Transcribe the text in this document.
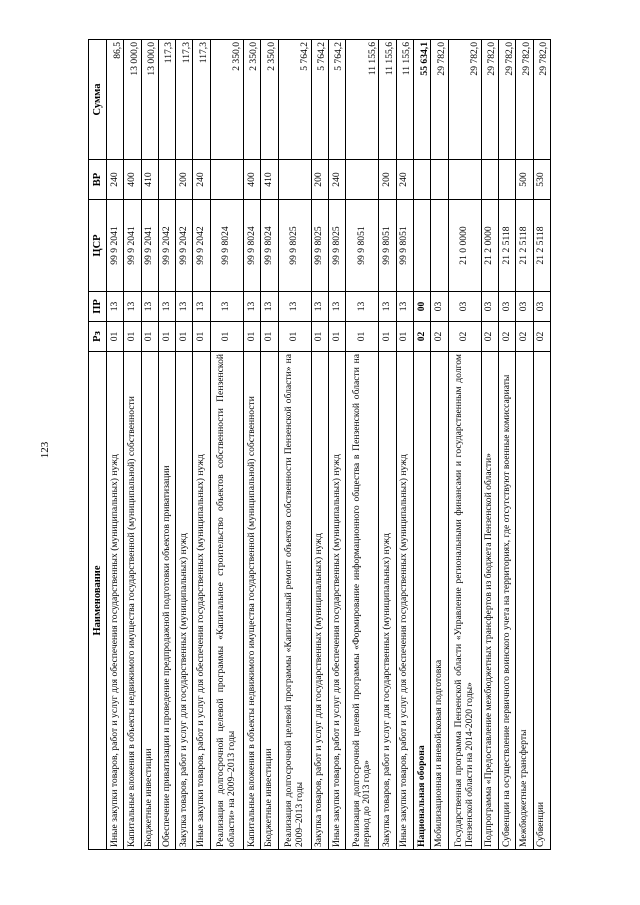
123
Наименование	Рз	ПР	ЦСР	ВР	Сумма
Иные закупки товаров, работ и услуг для обеспечения государственных (муниципальных) нужд	01	13	99 9 2041	240	86,5
Капитальные вложения в объекты недвижимого имущества государственной (муниципальной) собственности	01	13	99 9 2041	400	13 000,0
Бюджетные инвестиции	01	13	99 9 2041	410	13 000,0
Обеспечение приватизации и проведение предпродажной подготовки объектов приватизации	01	13	99 9 2042		117,3
Закупка товаров, работ и услуг для государственных (муниципальных) нужд	01	13	99 9 2042	200	117,3
Иные закупки товаров, работ и услуг для обеспечения государственных (муниципальных) нужд	01	13	99 9 2042	240	117,3
Реализация долгосрочной целевой программы «Капитальное строительство объектов собственности Пензенской области» на 2009–2013 годы	01	13	99 9 8024		2 350,0
Капитальные вложения в объекты недвижимого имущества государственной (муниципальной) собственности	01	13	99 9 8024	400	2 350,0
Бюджетные инвестиции	01	13	99 9 8024	410	2 350,0
Реализация долгосрочной целевой программы «Капитальный ремонт объектов собственности Пензенской области» на 2009–2013 годы	01	13	99 9 8025		5 764,2
Закупка товаров, работ и услуг для государственных (муниципальных) нужд	01	13	99 9 8025	200	5 764,2
Иные закупки товаров, работ и услуг для обеспечения государственных (муниципальных) нужд	01	13	99 9 8025	240	5 764,2
Реализация долгосрочной целевой программы «Формирование информационного общества в Пензенской области на период до 2013 года»	01	13	99 9 8051		11 155,6
Закупка товаров, работ и услуг для государственных (муниципальных) нужд	01	13	99 9 8051	200	11 155,6
Иные закупки товаров, работ и услуг для обеспечения государственных (муниципальных) нужд	01	13	99 9 8051	240	11 155,6
Национальная оборона	02	00			55 634,1
Мобилизационная и вневойсковая подготовка	02	03			29 782,0
Государственная программа Пензенской области «Управление региональными финансами и государственным долгом Пензенской области на 2014-2020 годы»	02	03	21 0 0000		29 782,0
Подпрограмма «Предоставление межбюджетных трансфертов из бюджета Пензенской области»	02	03	21 2 0000		29 782,0
Субвенции на осуществление первичного воинского учета на территориях, где отсутствуют военные комиссариаты	02	03	21 2 5118		29 782,0
Межбюджетные трансферты	02	03	21 2 5118	500	29 782,0
Субвенции	02	03	21 2 5118	530	29 782,0
